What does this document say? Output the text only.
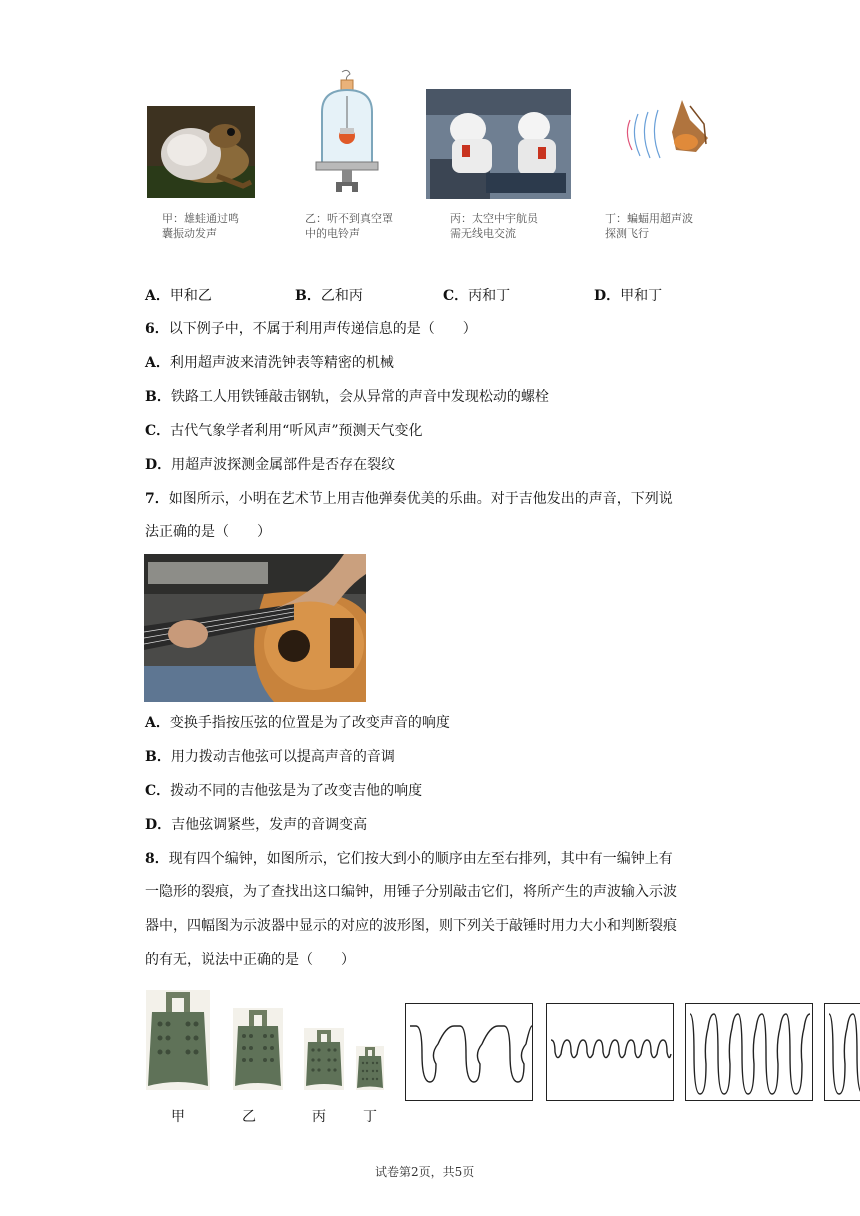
甲：雄蛙通过鸣
囊振动发声
乙：听不到真空罩
中的电铃声
丙：太空中宇航员
需无线电交流
丁：蝙蝠用超声波
探测飞行
A．甲和乙	B．乙和丙	C．丙和丁	D．甲和丁
6．以下例子中，不属于利用声传递信息的是（　　）
A．利用超声波来清洗钟表等精密的机械
B．铁路工人用铁锤敲击钢轨，会从异常的声音中发现松动的螺栓
C．古代气象学者利用“听风声”预测天气变化
D．用超声波探测金属部件是否存在裂纹
7．如图所示，小明在艺术节上用吉他弹奏优美的乐曲。对于吉他发出的声音，下列说
法正确的是（　　）
A．变换手指按压弦的位置是为了改变声音的响度
B．用力拨动吉他弦可以提高声音的音调
C．拨动不同的吉他弦是为了改变吉他的响度
D．吉他弦调紧些，发声的音调变高
8．现有四个编钟，如图所示，它们按大到小的顺序由左至右排列，其中有一编钟上有
一隐形的裂痕，为了查找出这口编钟，用锤子分别敲击它们，将所产生的声波输入示波
器中，四幅图为示波器中显示的对应的波形图，则下列关于敲锤时用力大小和判断裂痕
的有无，说法中正确的是（　　）
甲	乙	丙	丁
试卷第2页，共5页
